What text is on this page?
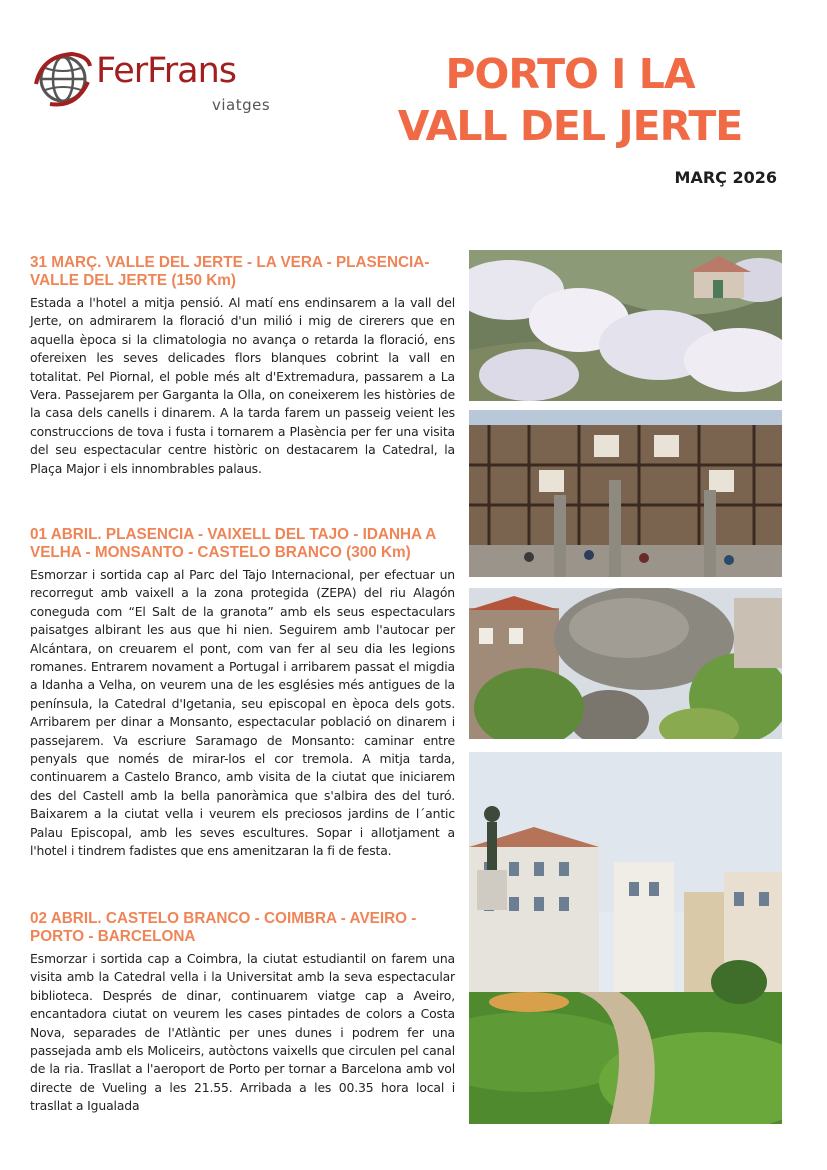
FerFrans
viatges
PORTO I LA
VALL DEL JERTE
MARÇ 2026
31 MARÇ. VALLE DEL JERTE - LA VERA - PLASENCIA- VALLE DEL JERTE (150 Km)

Estada a l'hotel a mitja pensió. Al matí ens endinsarem a la vall del Jerte, on admirarem la floració d'un milió i mig de cirerers que en aquella època si la climatologia no avança o retarda la floració, ens ofereixen les seves delicades flors blanques cobrint la vall en totalitat. Pel Piornal, el poble més alt d'Extremadura, passarem a La Vera. Passejarem per Garganta la Olla, on coneixerem les històries de la casa dels canells i dinarem. A la tarda farem un passeig veient les construccions de tova i fusta i tornarem a Plasència per fer una visita del seu espectacular centre històric on destacarem la Catedral, la Plaça Major i els innombrables palaus.

01 ABRIL. PLASENCIA - VAIXELL DEL TAJO - IDANHA A VELHA - MONSANTO - CASTELO BRANCO (300 Km)

Esmorzar i sortida cap al Parc del Tajo Internacional, per efectuar un recorregut amb vaixell a la zona protegida (ZEPA) del riu Alagón coneguda com “El Salt de la granota” amb els seus espectaculars paisatges albirant les aus que hi nien. Seguirem amb l'autocar per Alcántara, on creuarem el pont, com van fer al seu dia les legions romanes. Entrarem novament a Portugal i arribarem passat el migdia a Idanha a Velha, on veurem una de les esglésies més antigues de la península, la Catedral d'Igetania, seu episcopal en època dels gots. Arribarem per dinar a Monsanto, espectacular població on dinarem i passejarem. Va escriure Saramago de Monsanto: caminar entre penyals que només de mirar-los el cor tremola. A mitja tarda, continuarem a Castelo Branco, amb visita de la ciutat que iniciarem des del Castell amb la bella panoràmica que s'albira des del turó. Baixarem a la ciutat vella i veurem els preciosos jardins de l´antic Palau Episcopal, amb les seves escultures. Sopar i allotjament a l'hotel i tindrem fadistes que ens amenitzaran la fi de festa.

02 ABRIL. CASTELO BRANCO - COIMBRA - AVEIRO - PORTO - BARCELONA

Esmorzar i sortida cap a Coimbra, la ciutat estudiantil on farem una visita amb la Catedral vella i la Universitat amb la seva espectacular biblioteca. Després de dinar, continuarem viatge cap a Aveiro, encantadora ciutat on veurem les cases pintades de colors a Costa Nova, separades de l'Atlàntic per unes dunes i podrem fer una passejada amb els Moliceirs, autòctons vaixells que circulen pel canal de la ria. Trasllat a l'aeroport de Porto per tornar a Barcelona amb vol directe de Vueling a les 21.55. Arribada a les 00.35 hora local i trasllat a Igualada
